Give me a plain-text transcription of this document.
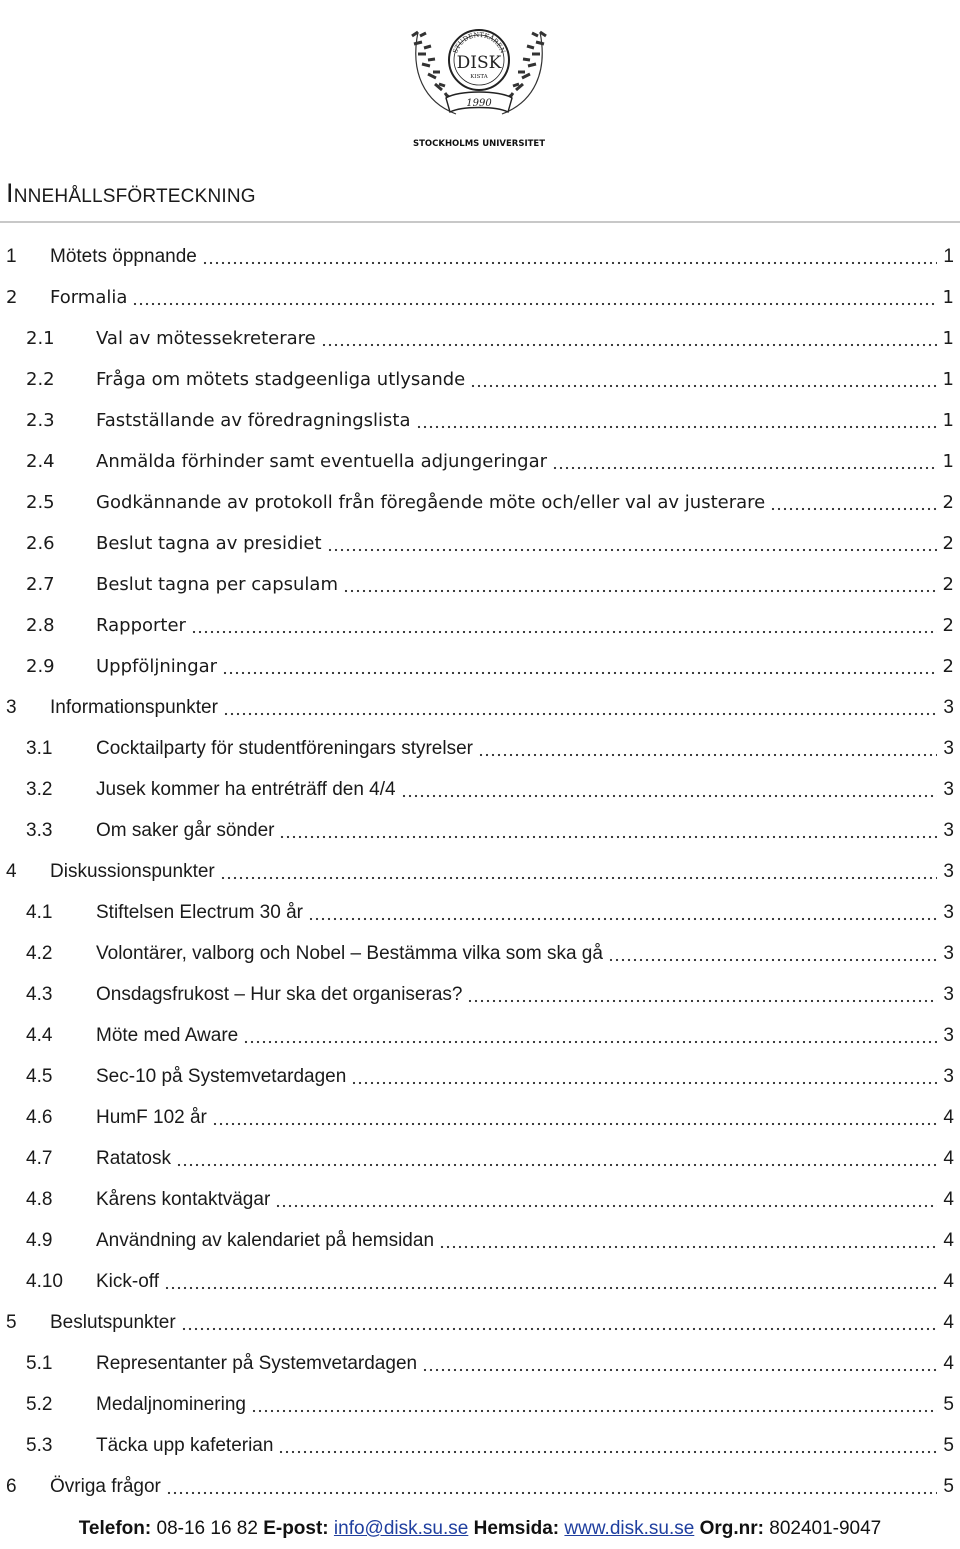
STUDENTKÅREN
DISK
KISTA
1990
STOCKHOLMS UNIVERSITET
Innehållsförteckning
1	Mötets öppnande	1
2	Formalia	1
2.1	Val av mötessekreterare	1
2.2	Fråga om mötets stadgeenliga utlysande	1
2.3	Fastställande av föredragningslista	1
2.4	Anmälda förhinder samt eventuella adjungeringar	1
2.5	Godkännande av protokoll från föregående möte och/eller val av justerare	2
2.6	Beslut tagna av presidiet	2
2.7	Beslut tagna per capsulam	2
2.8	Rapporter	2
2.9	Uppföljningar	2
3	Informationspunkter	3
3.1	Cocktailparty för studentföreningars styrelser	3
3.2	Jusek kommer ha entréträff den 4/4	3
3.3	Om saker går sönder	3
4	Diskussionspunkter	3
4.1	Stiftelsen Electrum 30 år	3
4.2	Volontärer, valborg och Nobel – Bestämma vilka som ska gå	3
4.3	Onsdagsfrukost – Hur ska det organiseras?	3
4.4	Möte med Aware	3
4.5	Sec-10 på Systemvetardagen	3
4.6	HumF 102 år	4
4.7	Ratatosk	4
4.8	Kårens kontaktvägar	4
4.9	Användning av kalendariet på hemsidan	4
4.10	Kick-off	4
5	Beslutspunkter	4
5.1	Representanter på Systemvetardagen	4
5.2	Medaljnominering	5
5.3	Täcka upp kafeterian	5
6	Övriga frågor	5
Telefon: 08-16 16 82 E-post: info@disk.su.se Hemsida: www.disk.su.se Org.nr: 802401-9047
